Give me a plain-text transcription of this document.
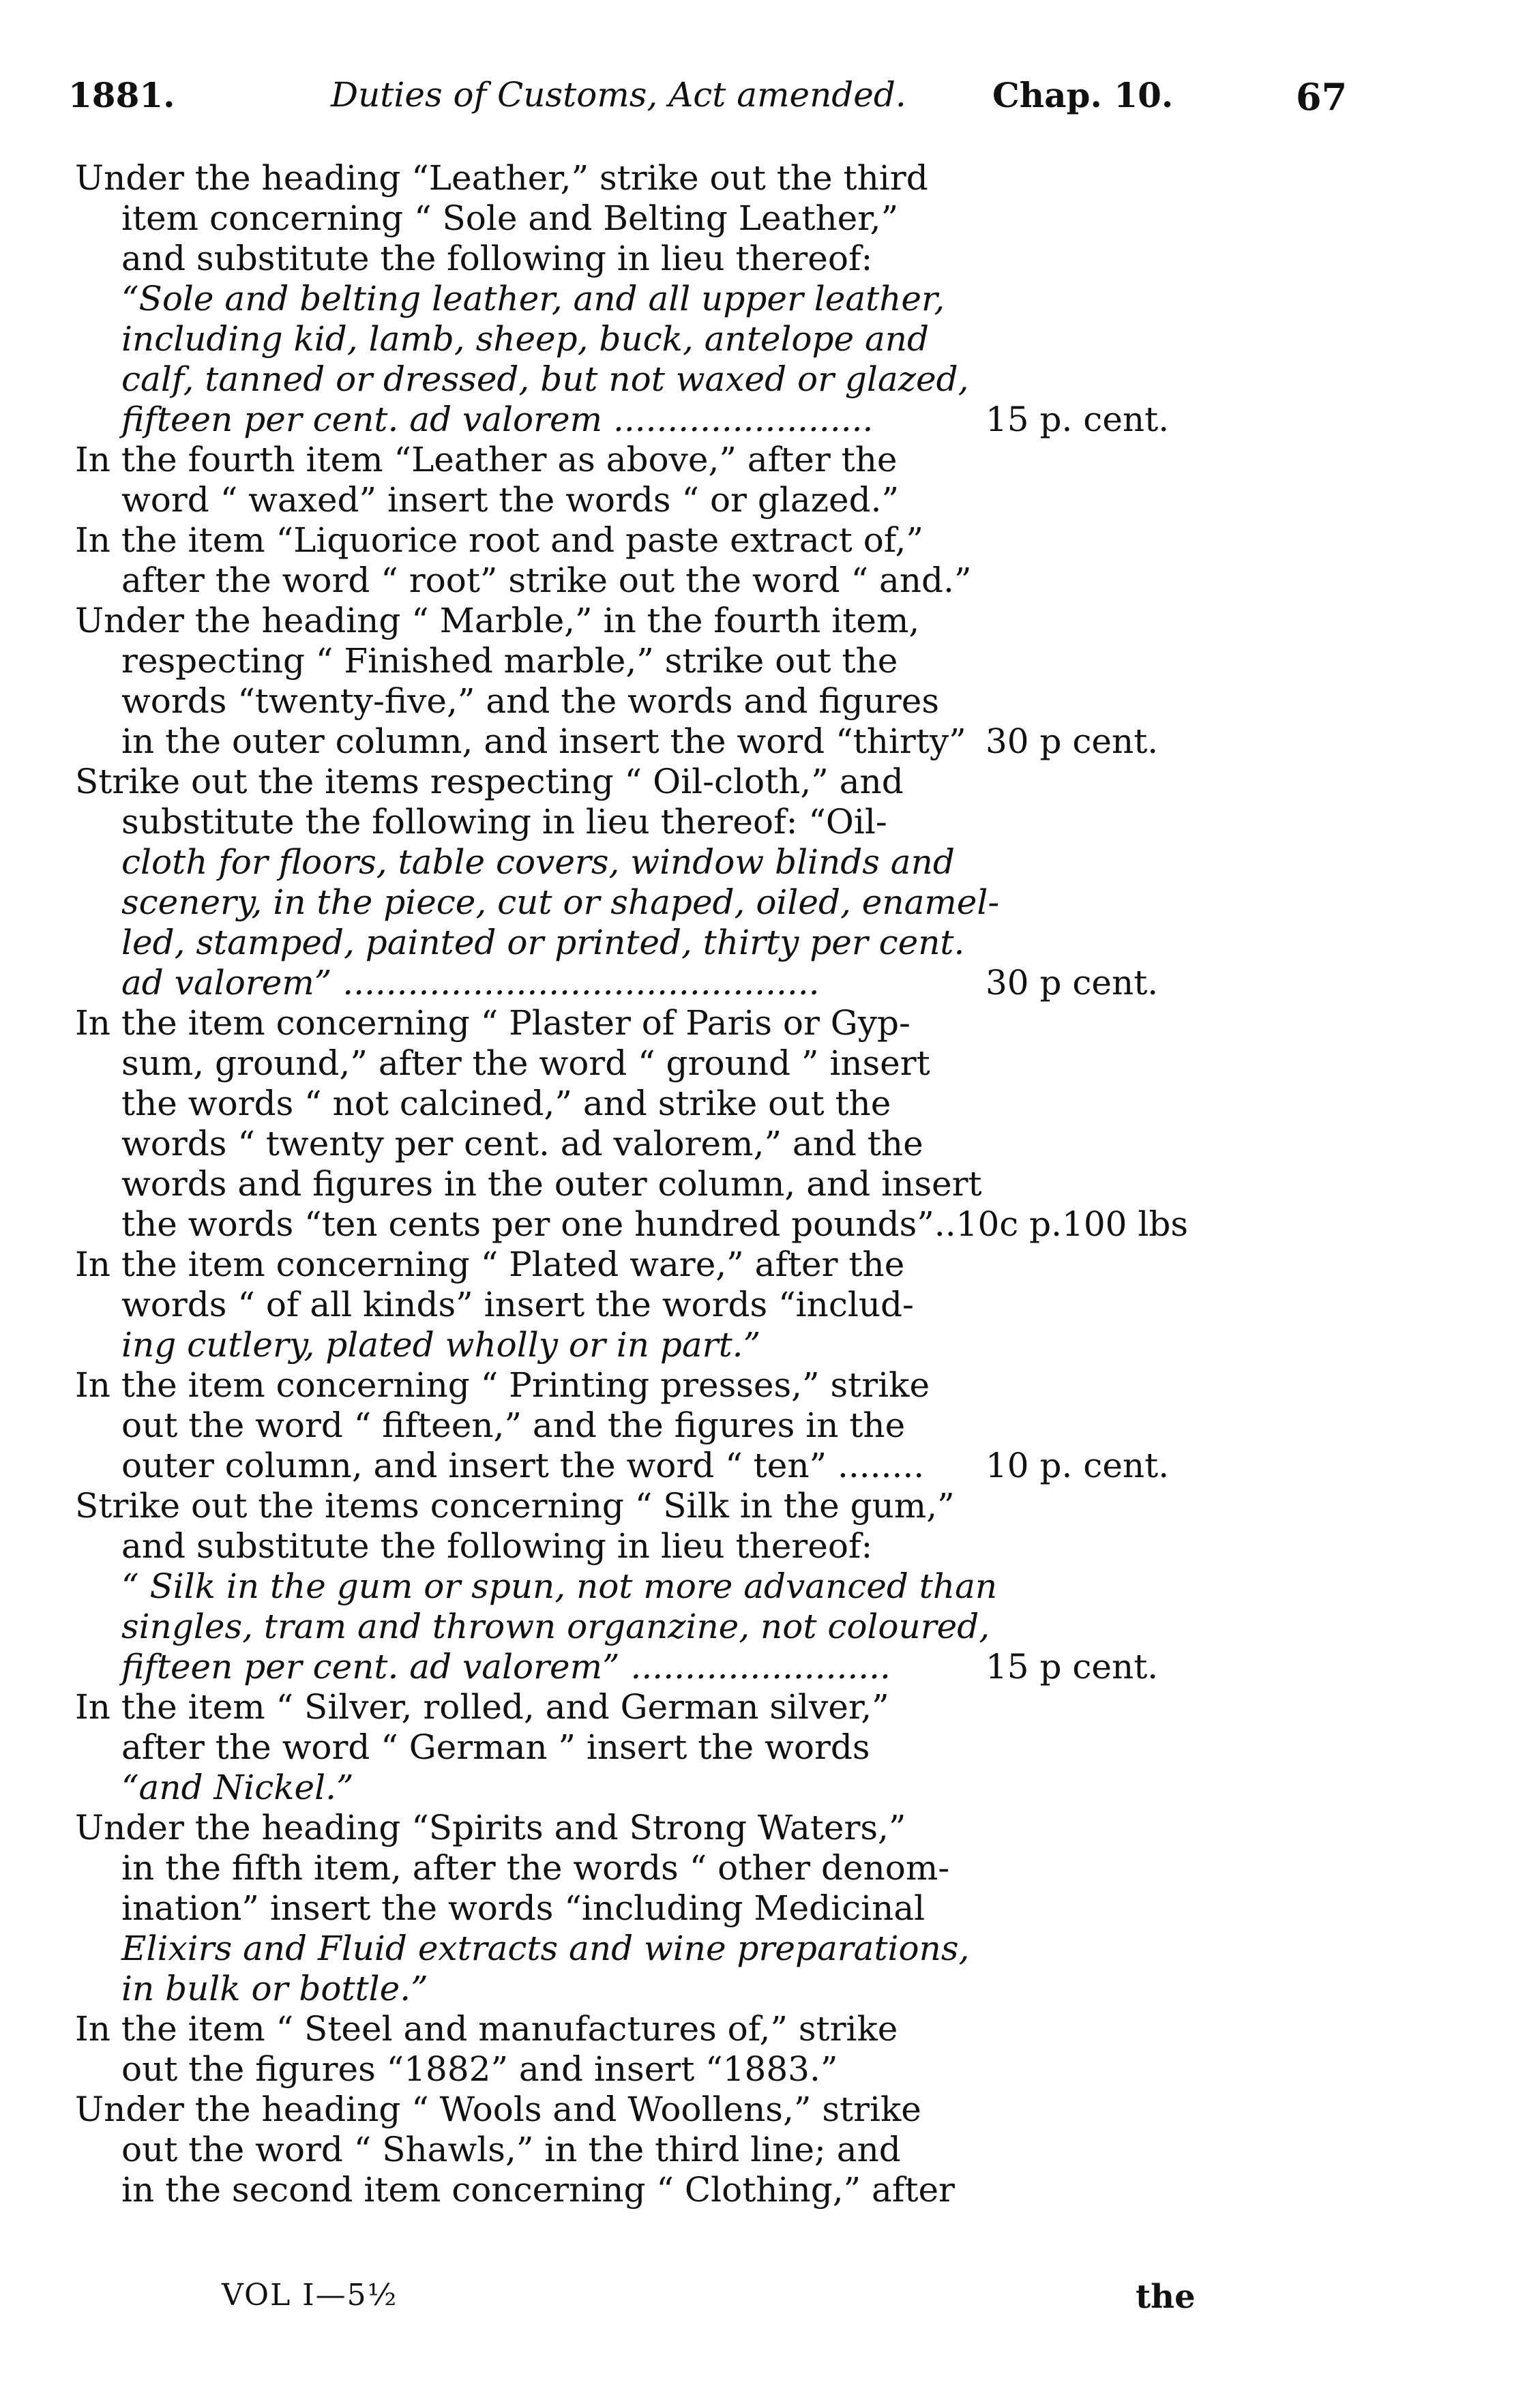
1881.	Duties of Customs, Act amended.	Chap. 10.	67
Under the heading “Leather,” strike out the third
item concerning “ Sole and Belting Leather,”
and substitute the following in lieu thereof:
“Sole and belting leather, and all upper leather,
including kid, lamb, sheep, buck, antelope and
calf, tanned or dressed, but not waxed or glazed,
fifteen per cent. ad valorem ........................	15 p. cent.
In the fourth item “Leather as above,” after the
word “ waxed” insert the words “ or glazed.”
In the item “Liquorice root and paste extract of,”
after the word “ root” strike out the word “ and.”
Under the heading “ Marble,” in the fourth item,
respecting “ Finished marble,” strike out the
words “twenty-five,” and the words and figures
in the outer column, and insert the word “thirty” 30 p cent.
Strike out the items respecting “ Oil-cloth,” and
substitute the following in lieu thereof: “Oil-
cloth for floors, table covers, window blinds and
scenery, in the piece, cut or shaped, oiled, enamel-
led, stamped, painted or printed, thirty per cent.
ad valorem” ............................................	30 p cent.
In the item concerning “ Plaster of Paris or Gyp-
sum, ground,” after the word “ ground ” insert
the words “ not calcined,” and strike out the
words “ twenty per cent. ad valorem,” and the
words and figures in the outer column, and insert
the words “ten cents per one hundred pounds”..10c p.100 lbs
In the item concerning “ Plated ware,” after the
words “ of all kinds” insert the words “includ-
ing cutlery, plated wholly or in part.”
In the item concerning “ Printing presses,” strike
out the word “ fifteen,” and the figures in the
outer column, and insert the word “ ten” ........ 10 p. cent.
Strike out the items concerning “ Silk in the gum,”
and substitute the following in lieu thereof:
“ Silk in the gum or spun, not more advanced than
singles, tram and thrown organzine, not coloured,
fifteen per cent. ad valorem” ........................	15 p cent.
In the item “ Silver, rolled, and German silver,”
after the word “ German ” insert the words
“and Nickel.”
Under the heading “Spirits and Strong Waters,”
in the fifth item, after the words “ other denom-
ination” insert the words “including Medicinal
Elixirs and Fluid extracts and wine preparations,
in bulk or bottle.”
In the item “ Steel and manufactures of,” strike
out the figures “1882” and insert “1883.”
Under the heading “ Wools and Woollens,” strike
out the word “ Shawls,” in the third line; and
in the second item concerning “ Clothing,” after
VOL I—5½	the
